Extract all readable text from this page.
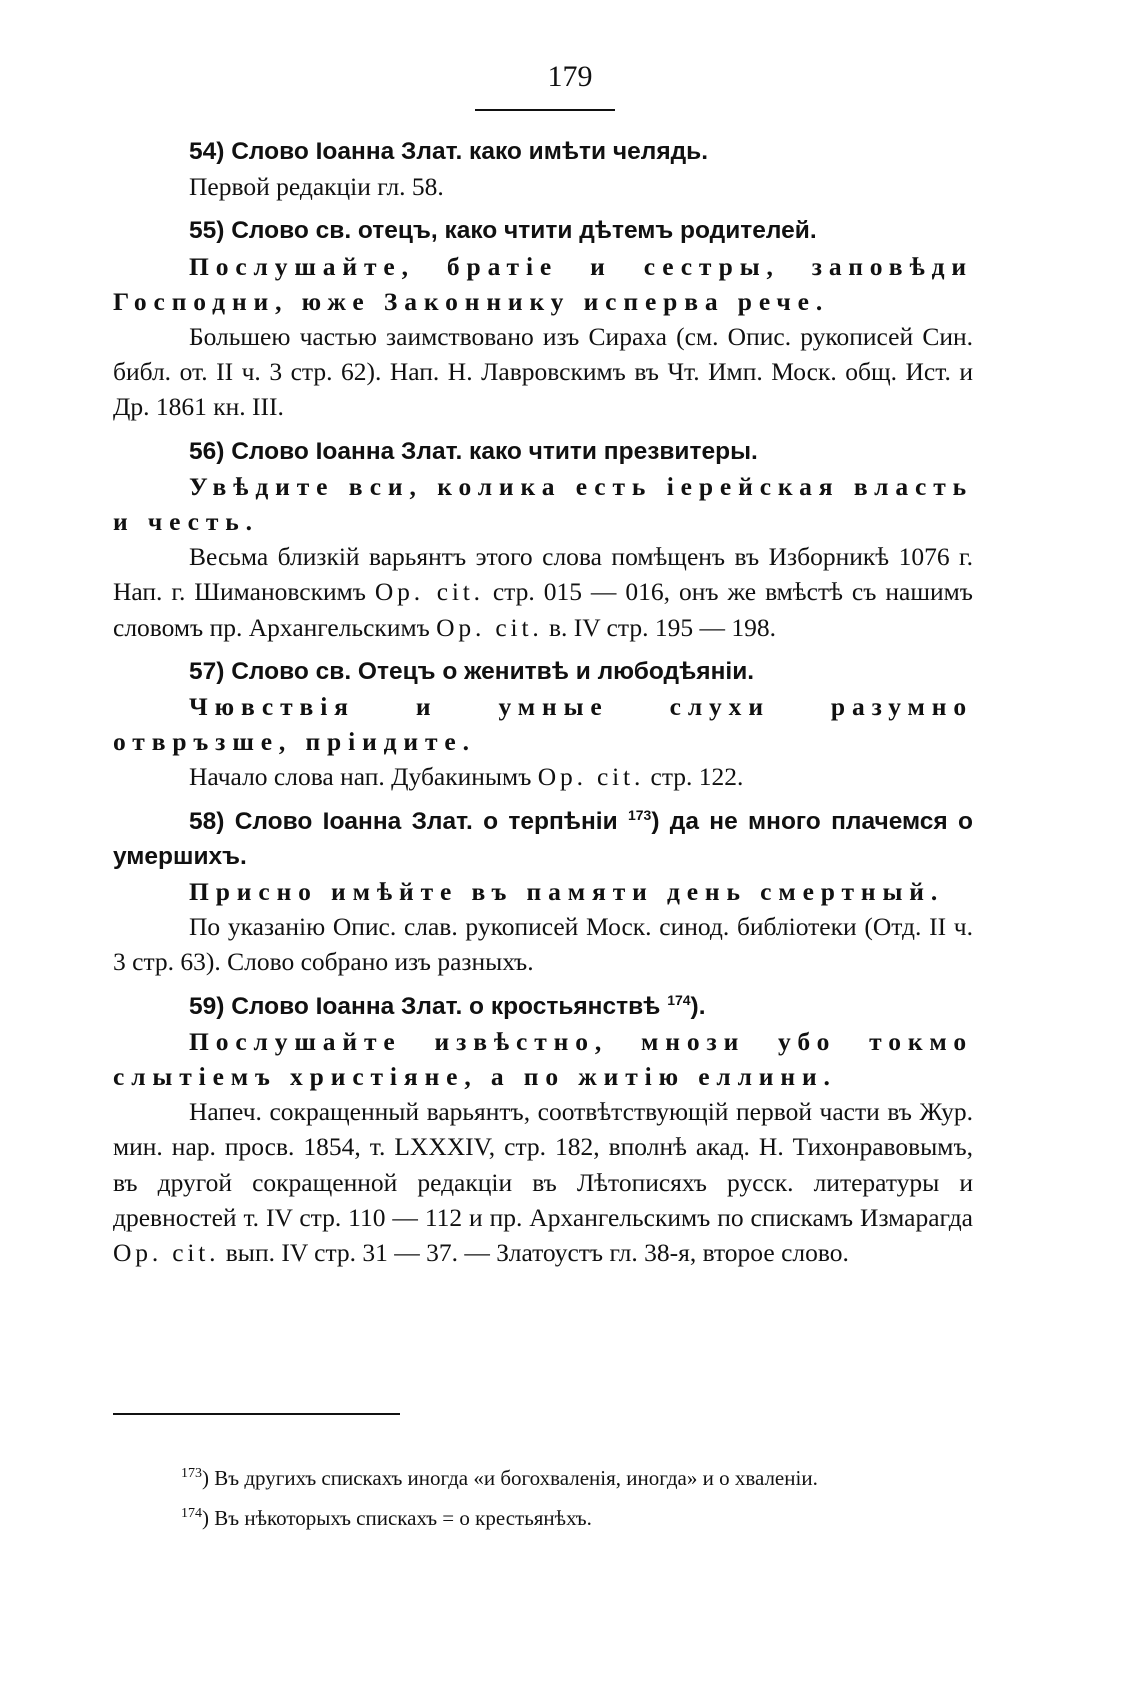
179

54) Слово Іоанна Злат. како имѣти челядь.

Первой редакціи гл. 58.

55) Слово св. отецъ, како чтити дѣтемъ родителей.

Послушайте, братіе и сестры, заповѣди Господни, юже Законнику исперва рече.

Большею частью заимствовано изъ Сираха (см. Опис. рукописей Син. библ. от. II ч. 3 стр. 62). Нап. Н. Лавровскимъ въ Чт. Имп. Моск. общ. Ист. и Др. 1861 кн. III.

56) Слово Іоанна Злат. како чтити презвитеры.

Увѣдите вси, колика есть іерейская власть и честь.

Весьма близкій варьянтъ этого слова помѣщенъ въ Изборникѣ 1076 г. Нап. г. Шимановскимъ Op. cit. стр. 015 — 016, онъ же вмѣстѣ съ нашимъ словомъ пр. Архангельскимъ Op. cit. в. IV стр. 195 — 198.

57) Слово св. Отецъ о женитвѣ и любодѣяніи.

Чювствія и умные слухи разумно отвръзше, пріидите.

Начало слова нап. Дубакинымъ Op. cit. стр. 122.

58) Слово Іоанна Злат. о терпѣніи $^{173}$) да не много плачемся о умершихъ.

Присно имѣйте въ памяти день смертный.

По указанію Опис. слав. рукописей Моск. синод. библіотеки (Отд. II ч. 3 стр. 63). Слово собрано изъ разныхъ.

59) Слово Іоанна Злат. о кростьянствѣ $^{174}$).

Послушайте извѣстно, мнози убо токмо слытіемъ христіяне, а по житію еллини.

Напеч. сокращенный варьянтъ, соотвѣтствующій первой части въ Жур. мин. нар. просв. 1854, т. LXXXIV, стр. 182, вполнѣ акад. Н. Тихонравовымъ, въ другой сокращенной редакціи въ Лѣтописяхъ русск. литературы и древностей т. IV стр. 110 — 112 и пр. Архангельскимъ по спискамъ Измарагда Op. cit. вып. IV стр. 31 — 37. — Златоустъ гл. 38-я, второе слово.

$^{173}$) Въ другихъ спискахъ иногда «и богохваленія, иногда» и о хваленіи.

$^{174}$) Въ нѣкоторыхъ спискахъ = о крестьянѣхъ.
